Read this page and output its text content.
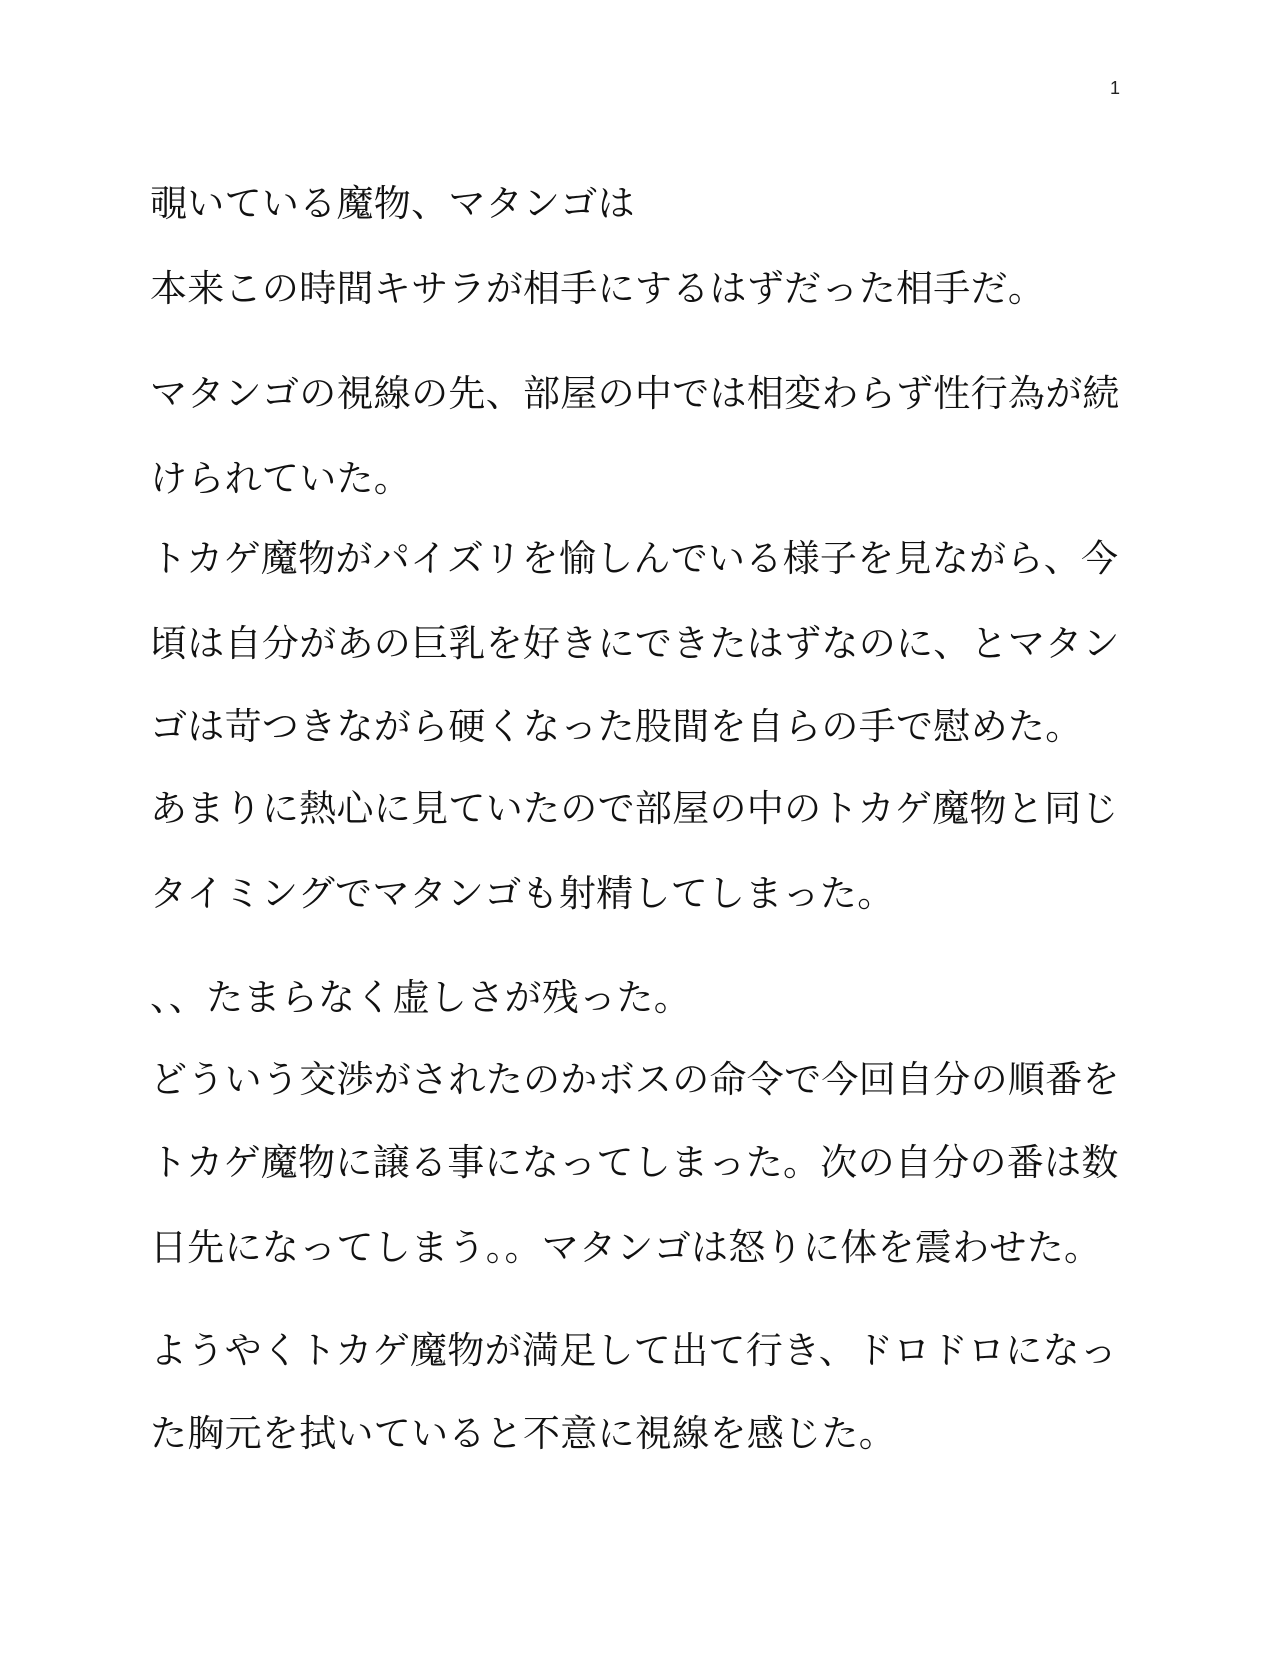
1
覗いている魔物、マタンゴは
本来この時間キサラが相手にするはずだった相手だ。
マタンゴの視線の先、部屋の中では相変わらず性行為が続
けられていた。
トカゲ魔物がパイズリを愉しんでいる様子を見ながら、今
頃は自分があの巨乳を好きにできたはずなのに、とマタン
ゴは苛つきながら硬くなった股間を自らの手で慰めた。
あまりに熱心に見ていたので部屋の中のトカゲ魔物と同じ
タイミングでマタンゴも射精してしまった。
、、たまらなく虚しさが残った。
どういう交渉がされたのかボスの命令で今回自分の順番を
トカゲ魔物に譲る事になってしまった。次の自分の番は数
日先になってしまう。。マタンゴは怒りに体を震わせた。
ようやくトカゲ魔物が満足して出て行き、ドロドロになっ
た胸元を拭いていると不意に視線を感じた。
